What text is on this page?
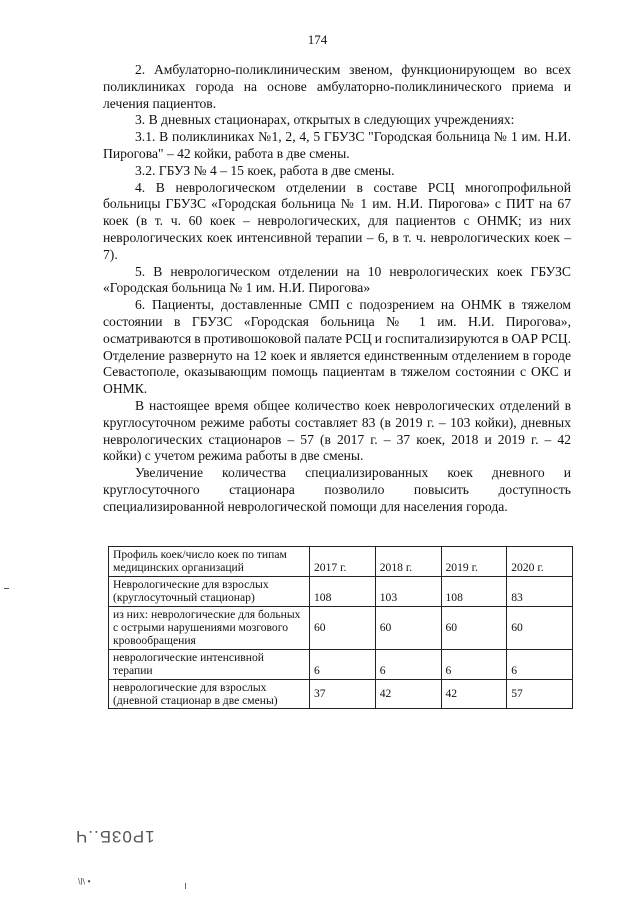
174

2. Амбулаторно-поликлиническим звеном, функционирующем во всех поликлиниках города на основе амбулаторно-поликлинического приема и лечения пациентов.

3. В дневных стационарах, открытых в следующих учреждениях:

3.1. В поликлиниках №1, 2, 4, 5 ГБУЗС "Городская больница № 1 им. Н.И. Пирогова" – 42 койки, работа в две смены.

3.2. ГБУЗ № 4 – 15 коек, работа в две смены.

4. В неврологическом отделении в составе РСЦ многопрофильной больницы ГБУЗС «Городская больница № 1 им. Н.И. Пирогова» с ПИТ на 67 коек (в т. ч. 60 коек – неврологических, для пациентов с ОНМК; из них неврологических коек интенсивной терапии – 6, в т. ч. неврологических коек – 7).

5. В неврологическом отделении на 10 неврологических коек ГБУЗС «Городская больница № 1 им. Н.И. Пирогова»

6. Пациенты, доставленные СМП с подозрением на ОНМК в тяжелом состоянии в ГБУЗС «Городская больница № 1 им. Н.И. Пирогова», осматриваются в противошоковой палате РСЦ и госпитализируются в ОАР РСЦ. Отделение развернуто на 12 коек и является единственным отделением в городе Севастополе, оказывающим помощь пациентам в тяжелом состоянии с ОКС и ОНМК.

В настоящее время общее количество коек неврологических отделений в круглосуточном режиме работы составляет 83 (в 2019 г. – 103 койки), дневных неврологических стационаров – 57 (в 2017 г. – 37 коек, 2018 и 2019 г. – 42 койки) с учетом режима работы в две смены.

Увеличение количества специализированных коек дневного и круглосуточного стационара позволило повысить доступность специализированной неврологической помощи для населения города.

Профиль коек/число коек по типам медицинских организаций	2017 г.	2018 г.	2019 г.	2020 г.
Неврологические для взрослых (круглосуточный стационар)	108	103	108	83
из них: неврологические для больных с острыми нарушениями мозгового кровообращения	60	60	60	60
неврологические интенсивной терапии	6	6	6	6
неврологические для взрослых (дневной стационар в две смены)	37	42	42	57
1P03Б..Ч
• \l\
